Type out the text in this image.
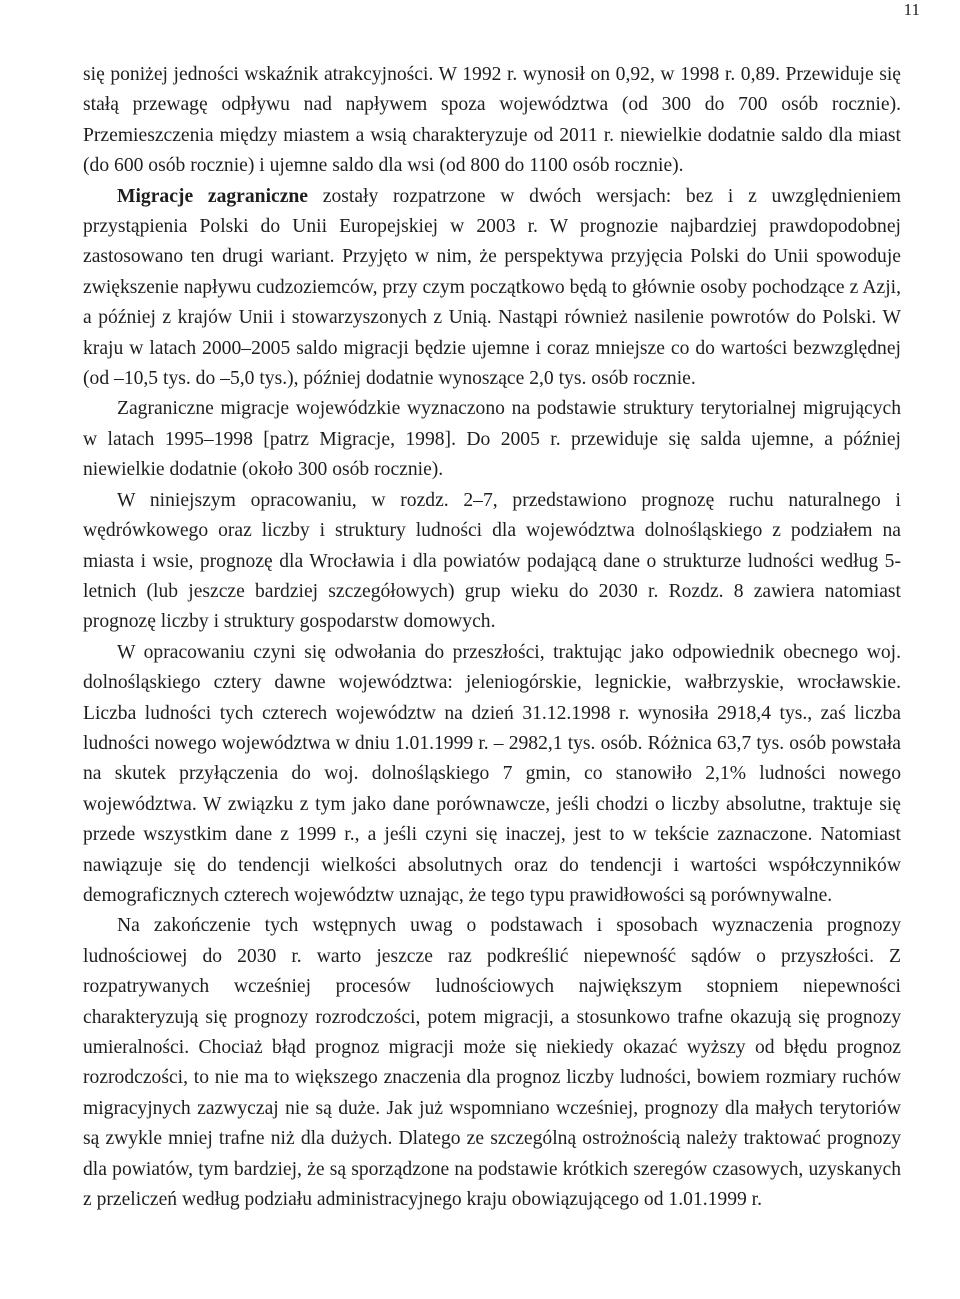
11

się poniżej jedności wskaźnik atrakcyjności. W 1992 r. wynosił on 0,92, w 1998 r. 0,89. Przewiduje się stałą przewagę odpływu nad napływem spoza województwa (od 300 do 700 osób rocznie). Przemieszczenia między miastem a wsią charakteryzuje od 2011 r. niewielkie dodatnie saldo dla miast (do 600 osób rocznie) i ujemne saldo dla wsi (od 800 do 1100 osób rocznie).

Migracje zagraniczne zostały rozpatrzone w dwóch wersjach: bez i z uwzględnieniem przystąpienia Polski do Unii Europejskiej w 2003 r. W prognozie najbardziej prawdopodobnej zastosowano ten drugi wariant. Przyjęto w nim, że perspektywa przyjęcia Polski do Unii spowoduje zwiększenie napływu cudzoziemców, przy czym początkowo będą to głównie osoby pochodzące z Azji, a później z krajów Unii i stowarzyszonych z Unią. Nastąpi również nasilenie powrotów do Polski. W kraju w latach 2000–2005 saldo migracji będzie ujemne i coraz mniejsze co do wartości bezwzględnej (od –10,5 tys. do –5,0 tys.), później dodatnie wynoszące 2,0 tys. osób rocznie.

Zagraniczne migracje wojewódzkie wyznaczono na podstawie struktury terytorialnej migrujących w latach 1995–1998 [patrz Migracje, 1998]. Do 2005 r. przewiduje się salda ujemne, a później niewielkie dodatnie (około 300 osób rocznie).

W niniejszym opracowaniu, w rozdz. 2–7, przedstawiono prognozę ruchu naturalnego i wędrówkowego oraz liczby i struktury ludności dla województwa dolnośląskiego z podziałem na miasta i wsie, prognozę dla Wrocławia i dla powiatów podającą dane o strukturze ludności według 5-letnich (lub jeszcze bardziej szczegółowych) grup wieku do 2030 r. Rozdz. 8 zawiera natomiast prognozę liczby i struktury gospodarstw domowych.

W opracowaniu czyni się odwołania do przeszłości, traktując jako odpowiednik obecnego woj. dolnośląskiego cztery dawne województwa: jeleniogórskie, legnickie, wałbrzyskie, wrocławskie. Liczba ludności tych czterech województw na dzień 31.12.1998 r. wynosiła 2918,4 tys., zaś liczba ludności nowego województwa w dniu 1.01.1999 r. – 2982,1 tys. osób. Różnica 63,7 tys. osób powstała na skutek przyłączenia do woj. dolnośląskiego 7 gmin, co stanowiło 2,1% ludności nowego województwa. W związku z tym jako dane porównawcze, jeśli chodzi o liczby absolutne, traktuje się przede wszystkim dane z 1999 r., a jeśli czyni się inaczej, jest to w tekście zaznaczone. Natomiast nawiązuje się do tendencji wielkości absolutnych oraz do tendencji i wartości współczynników demograficznych czterech województw uznając, że tego typu prawidłowości są porównywalne.

Na zakończenie tych wstępnych uwag o podstawach i sposobach wyznaczenia prognozy ludnościowej do 2030 r. warto jeszcze raz podkreślić niepewność sądów o przyszłości. Z rozpatrywanych wcześniej procesów ludnościowych największym stopniem niepewności charakteryzują się prognozy rozrodczości, potem migracji, a stosunkowo trafne okazują się prognozy umieralności. Chociaż błąd prognoz migracji może się niekiedy okazać wyższy od błędu prognoz rozrodczości, to nie ma to większego znaczenia dla prognoz liczby ludności, bowiem rozmiary ruchów migracyjnych zazwyczaj nie są duże. Jak już wspomniano wcześniej, prognozy dla małych terytoriów są zwykle mniej trafne niż dla dużych. Dlatego ze szczególną ostrożnością należy traktować prognozy dla powiatów, tym bardziej, że są sporządzone na podstawie krótkich szeregów czasowych, uzyskanych z przeliczeń według podziału administracyjnego kraju obowiązującego od 1.01.1999 r.
